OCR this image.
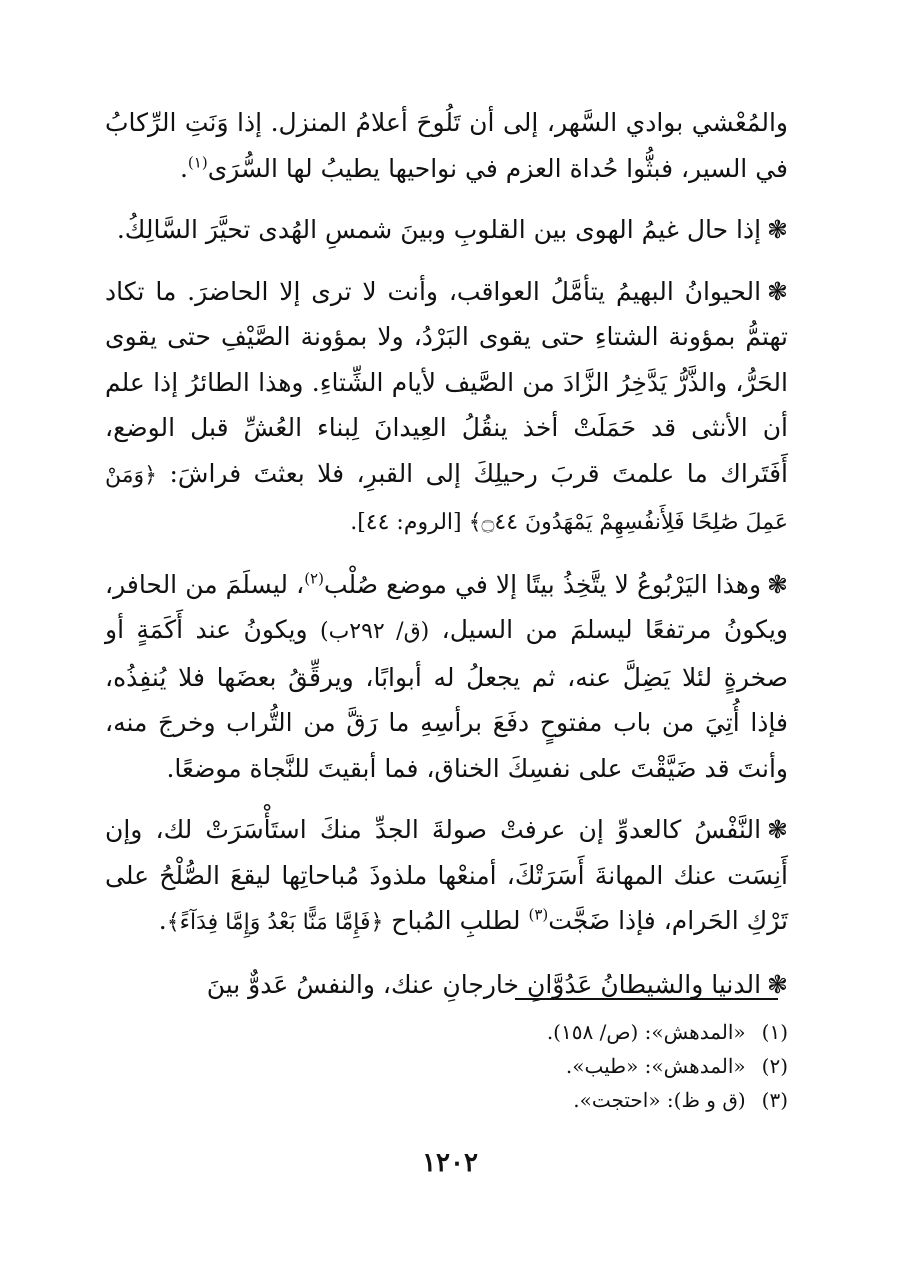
والمُعْشي بوادي السَّهر، إلى أن تَلُوحَ أعلامُ المنزل. إذا وَنَتِ الرِّكابُ في السير، فبثُّوا حُداة العزم في نواحيها يطيبُ لها السُّرَى$^{(١)}$.

❃إذا حال غيمُ الهوى بين القلوبِ وبينَ شمسِ الهُدى تحيَّرَ السَّالِكُ.

❃الحيوانُ البهيمُ يتأمَّلُ العواقب، وأنت لا ترى إلا الحاضرَ. ما تكاد تهتمُّ بمؤونة الشتاءِ حتى يقوى البَرْدُ، ولا بمؤونة الصَّيْفِ حتى يقوى الحَرُّ، والذَّرُّ يَدَّخِرُ الزَّادَ من الصَّيف لأيام الشِّتاءِ. وهذا الطائرُ إذا علم أن الأنثى قد حَمَلَتْ أخذ ينقُلُ العِيدانَ لِبناء العُشِّ قبل الوضع، أَفَتَراك ما علمتَ قربَ رحيلِكَ إلى القبرِ، فلا بعثتَ فراشَ: ﴿وَمَنْ عَمِلَ صَٰلِحًا فَلِأَنفُسِهِمْ يَمْهَدُونَ ۝٤٤﴾ [الروم: ٤٤].

❃وهذا اليَرْبُوعُ لا يتَّخِذُ بيتًا إلا في موضع صُلْب$^{(٢)}$، ليسلَمَ من الحافر، ويكونُ مرتفعًا ليسلمَ من السيل، (ق/ ٢٩٢ب) ويكونُ عند أَكَمَةٍ أو صخرةٍ لئلا يَضِلَّ عنه، ثم يجعلُ له أبوابًا، ويرقِّقُ بعضَها فلا يُنفِذُه، فإذا أُتِيَ من باب مفتوحٍ دفَعَ برأسِهِ ما رَقَّ من التُّراب وخرجَ منه، وأنتَ قد ضَيَّقْتَ على نفسِكَ الخناق، فما أبقيتَ للنَّجاة موضعًا.

❃النَّفْسُ كالعدوِّ إن عرفتْ صولةَ الجدِّ منكَ استَأْسَرَتْ لك، وإن أَنِسَت عنك المهانةَ أَسَرَتْكَ، أمنعْها ملذوذَ مُباحاتِها ليقعَ الصُّلْحُ على تَرْكِ الحَرام، فإذا ضَجَّت$^{(٣)}$ لطلبِ المُباح ﴿فَإِمَّا مَنًّا بَعْدُ وَإِمَّا فِدَآءً﴾.

❃الدنيا والشيطانُ عَدُوَّانِ خارجانِ عنك، والنفسُ عَدوٌّ بينَ

(١) «المدهش»: (ص/ ١٥٨).
(٢) «المدهش»: «طيب».
(٣) (ق و ظ): «احتجت».
١٢٠٢
